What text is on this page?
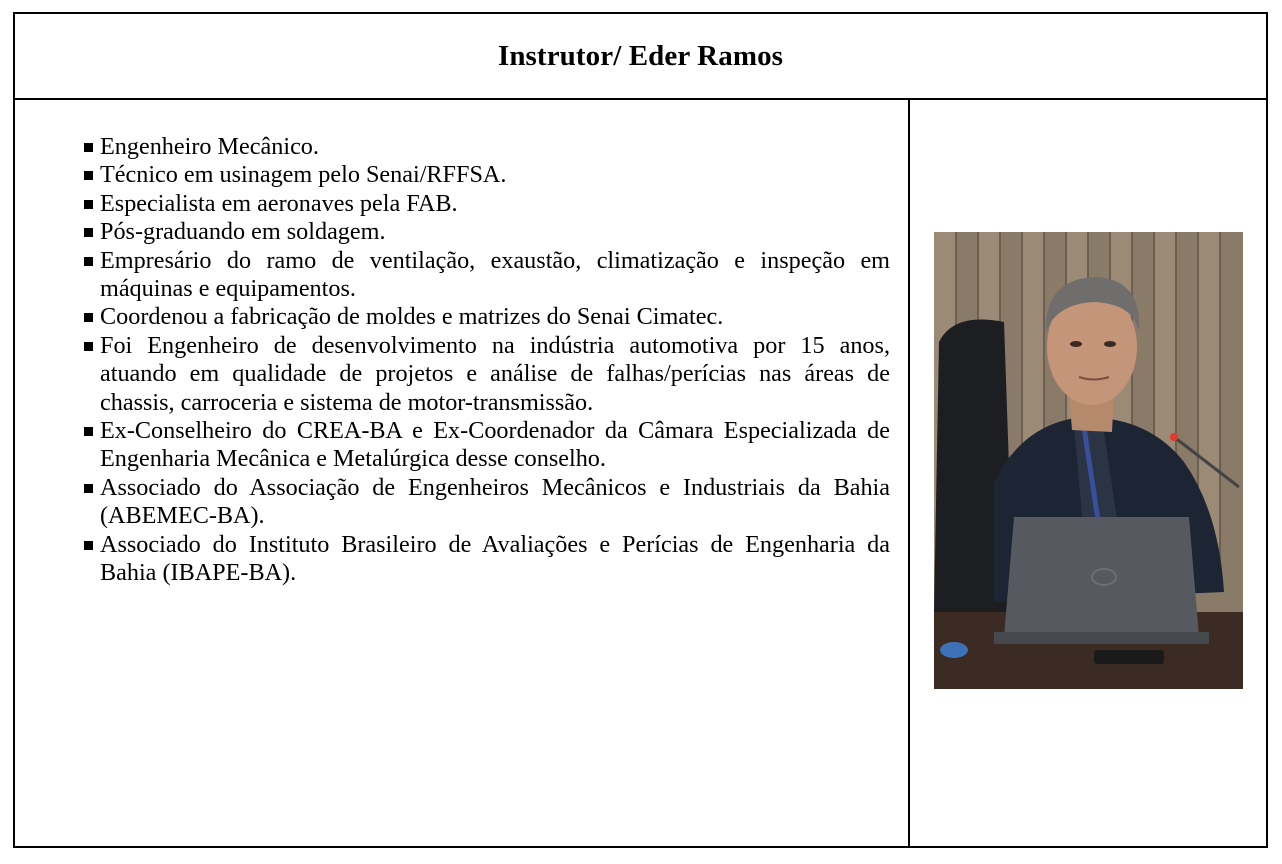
Instrutor/ Eder Ramos
Engenheiro Mecânico.
Técnico em usinagem pelo Senai/RFFSA.
Especialista em aeronaves pela FAB.
Pós-graduando em soldagem.
Empresário do ramo de ventilação, exaustão, climatização e inspeção em máquinas e equipamentos.
Coordenou a fabricação de moldes e matrizes do Senai Cimatec.
Foi Engenheiro de desenvolvimento na indústria automotiva por 15 anos, atuando em qualidade de projetos e análise de falhas/perícias nas áreas de chassis, carroceria e sistema de motor-transmissão.
Ex-Conselheiro do CREA-BA e Ex-Coordenador da Câmara Especializada de Engenharia Mecânica e Metalúrgica desse conselho.
Associado do Associação de Engenheiros Mecânicos e Industriais da Bahia (ABEMEC-BA).
Associado do Instituto Brasileiro de Avaliações e Perícias de Engenharia da Bahia (IBAPE-BA).
